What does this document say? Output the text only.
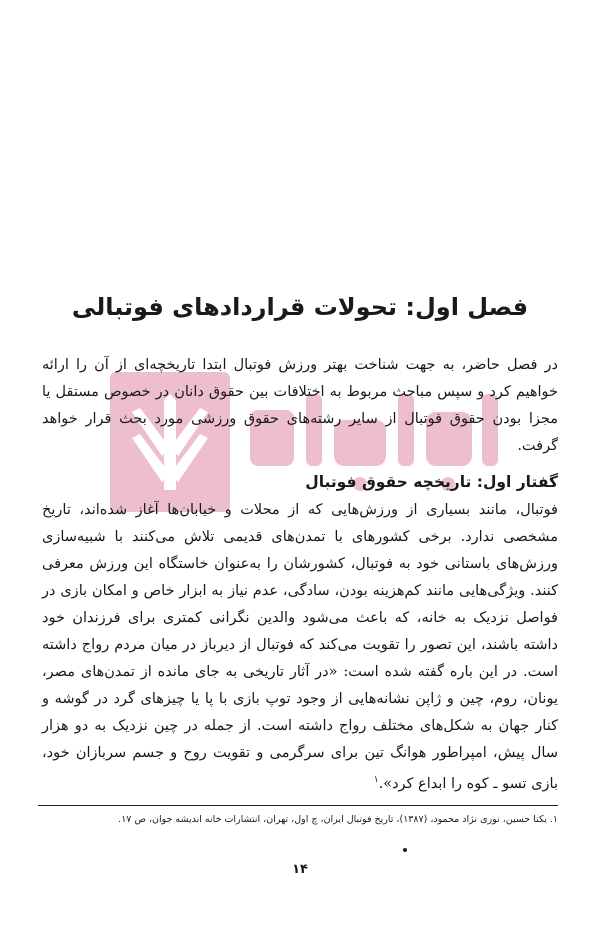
فصل اول: تحولات قراردادهای فوتبالی

در فصل حاضر، به جهت شناخت بهتر ورزش فوتبال ابتدا تاریخچه‌ای از آن را ارائه خواهیم کرد و سپس مباحث مربوط به اختلافات بین حقوق دانان در خصوص مستقل یا مجزا بودن حقوق فوتبال از سایر رشته‌های حقوق ورزشی مورد بحث قرار خواهد گرفت.

گفتار اول: تاریخچه حقوق فوتبال

فوتبال، مانند بسیاری از ورزش‌هایی که از محلات و خیابان‌ها آغاز شده‌اند، تاریخ مشخصی ندارد. برخی کشورهای با تمدن‌های قدیمی تلاش می‌کنند با شبیه‌سازی ورزش‌های باستانی خود به فوتبال، کشورشان را به‌عنوان خاستگاه این ورزش معرفی کنند. ویژگی‌هایی مانند کم‌هزینه بودن، سادگی، عدم نیاز به ابزار خاص و امکان بازی در فواصل نزدیک به خانه، که باعث می‌شود والدین نگرانی کمتری برای فرزندان خود داشته باشند، این تصور را تقویت می‌کند که فوتبال از دیرباز در میان مردم رواج داشته است. در این باره گفته شده است: «در آثار تاریخی به جای مانده از تمدن‌های مصر، یونان، روم، چین و ژاپن نشانه‌هایی از وجود توپ بازی با پا یا چیزهای گرد در گوشه و کنار جهان به شکل‌های مختلف رواج داشته است. از جمله در چین نزدیک به دو هزار سال پیش، امپراطور هوانگ تین برای سرگرمی و تقویت روح و جسم سربازان خود، بازی تسو ـ کوه را ابداع کرد».$^۱$

۱. یکتا حسین، نوری نژاد محمود، (۱۳۸۷)، تاریخ فوتبال ایران، چ اول، تهران، انتشارات خانه اندیشه جوان، ص ۱۷.

۱۴
